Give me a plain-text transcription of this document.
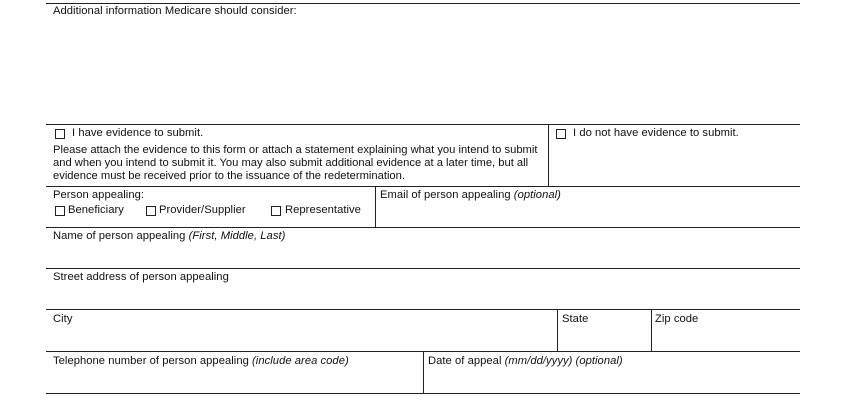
Additional information Medicare should consider:
I have evidence to submit.
Please attach the evidence to this form or attach a statement explaining what you intend to submit and when you intend to submit it. You may also submit additional evidence at a later time, but all evidence must be received prior to the issuance of the redetermination.
I do not have evidence to submit.
Person appealing:
Beneficiary	Provider/Supplier	Representative
Email of person appealing (optional)
Name of person appealing (First, Middle, Last)
Street address of person appealing
City	State	Zip code
Telephone number of person appealing (include area code)	Date of appeal (mm/dd/yyyy) (optional)
